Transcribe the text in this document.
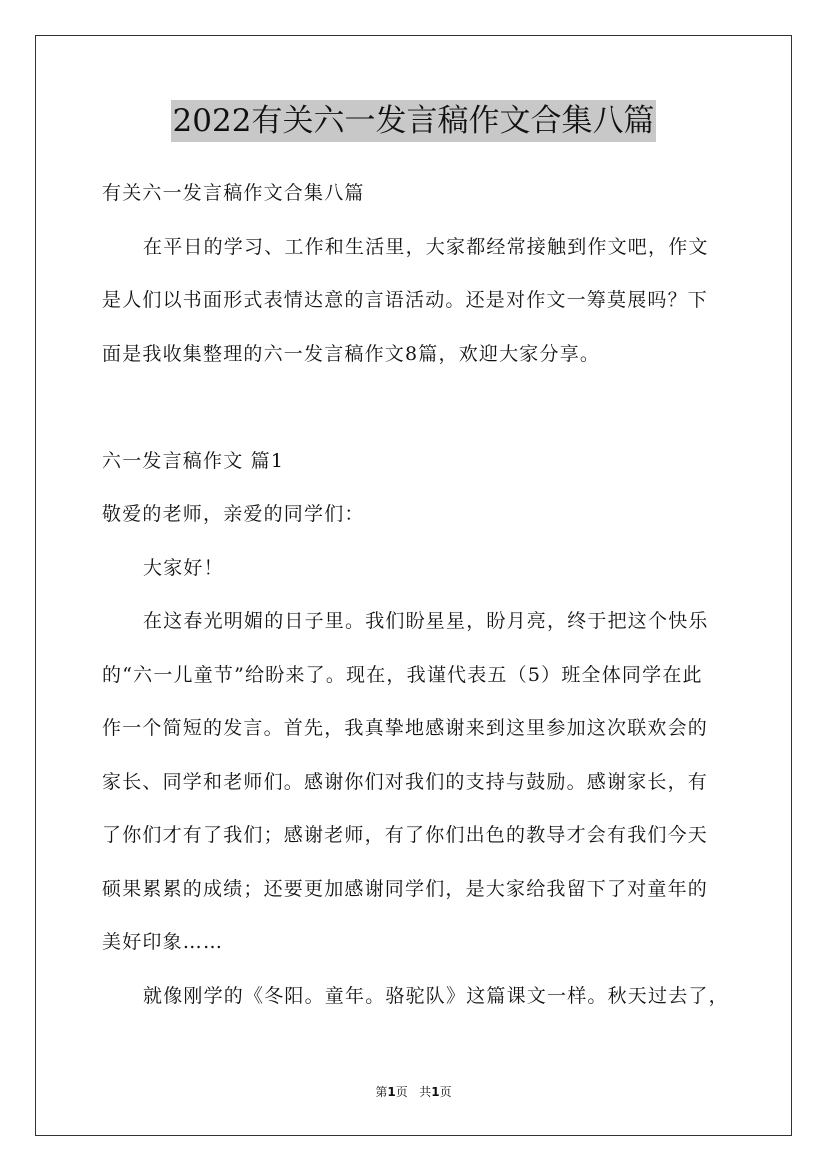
2022有关六一发言稿作文合集八篇
有关六一发言稿作文合集八篇
在平日的学习、工作和生活里，大家都经常接触到作文吧，作文
是人们以书面形式表情达意的言语活动。还是对作文一筹莫展吗？下
面是我收集整理的六一发言稿作文8篇，欢迎大家分享。
六一发言稿作文 篇1
敬爱的老师，亲爱的同学们：
大家好！
在这春光明媚的日子里。我们盼星星，盼月亮，终于把这个快乐
的“六一儿童节”给盼来了。现在，我谨代表五（5）班全体同学在此
作一个简短的发言。首先，我真挚地感谢来到这里参加这次联欢会的
家长、同学和老师们。感谢你们对我们的支持与鼓励。感谢家长，有
了你们才有了我们；感谢老师，有了你们出色的教导才会有我们今天
硕果累累的成绩；还要更加感谢同学们，是大家给我留下了对童年的
美好印象……
就像刚学的《冬阳。童年。骆驼队》这篇课文一样。秋天过去了，
第1页 共1页
